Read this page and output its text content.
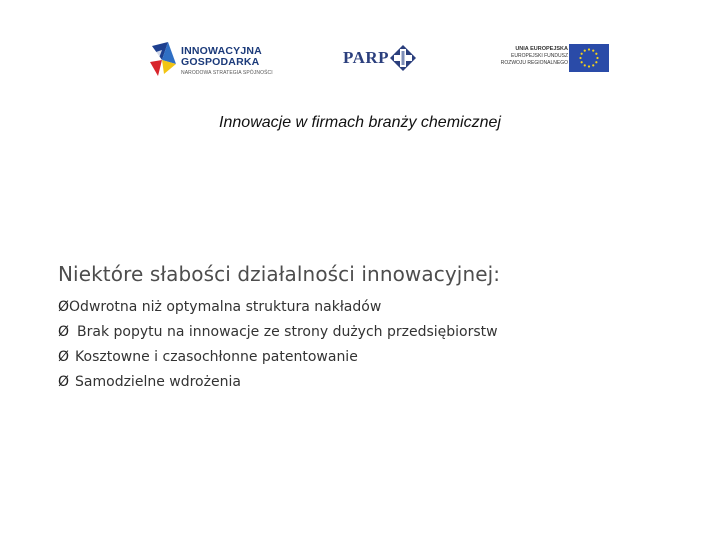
INNOWACYJNA
GOSPODARKA
NARODOWA STRATEGIA SPÓJNOŚCI
PARP	UNIA EUROPEJSKA
EUROPEJSKI FUNDUSZ
ROZWOJU REGIONALNEGO
Innowacje w firmach branży chemicznej
Niektóre słabości działalności innowacyjnej:
ØOdwrotna niż optymalna struktura nakładów
Ø Brak popytu na innowacje ze strony dużych przedsiębiorstw
Ø Kosztowne i czasochłonne patentowanie
Ø Samodzielne wdrożenia
